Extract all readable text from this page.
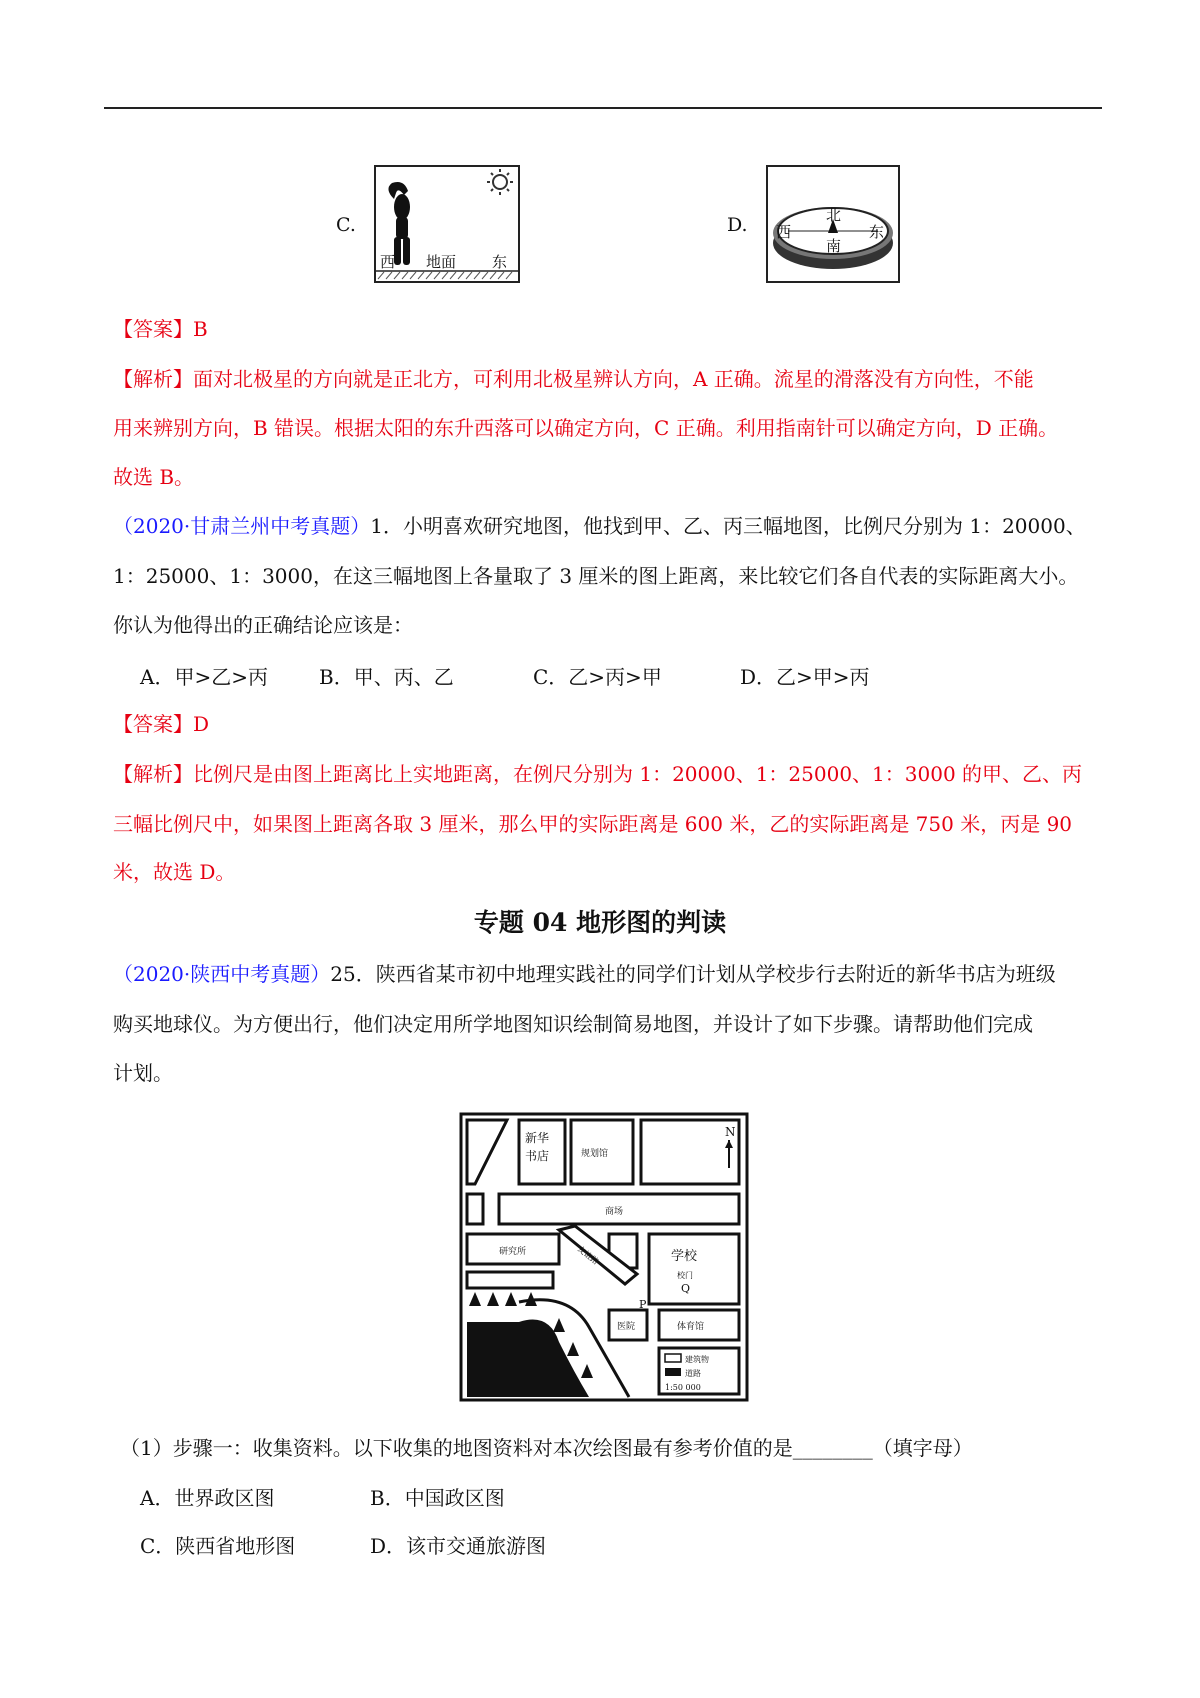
C.
西 地面 东
D.	北
南
西	东
【答案】B
【解析】面对北极星的方向就是正北方，可利用北极星辨认方向，A 正确。流星的滑落没有方向性，不能
用来辨别方向，B 错误。根据太阳的东升西落可以确定方向，C 正确。利用指南针可以确定方向，D 正确。
故选 B。
（2020·甘肃兰州中考真题）1．小明喜欢研究地图，他找到甲、乙、丙三幅地图，比例尺分别为 1：20000、
1：25000、1：3000，在这三幅地图上各量取了 3 厘米的图上距离，来比较它们各自代表的实际距离大小。
你认为他得出的正确结论应该是：
A．甲>乙>丙	B．甲、丙、乙	C．乙>丙>甲	D．乙>甲>丙
【答案】D
【解析】比例尺是由图上距离比上实地距离，在例尺分别为 1：20000、1：25000、1：3000 的甲、乙、丙
三幅比例尺中，如果图上距离各取 3 厘米，那么甲的实际距离是 600 米，乙的实际距离是 750 米，丙是 90
米，故选 D。
专题 04 地形图的判读
（2020·陕西中考真题）25．陕西省某市初中地理实践社的同学们计划从学校步行去附近的新华书店为班级
购买地球仪。为方便出行，他们决定用所学地图知识绘制简易地图，并设计了如下步骤。请帮助他们完成
计划。
新华
书店	规划馆
商场
研究所	友谊路	学校
校门
医院	体育馆
P
Q
N
建筑物
道路
1:50 000
（1）步骤一：收集资料。以下收集的地图资料对本次绘图最有参考价值的是________（填字母）
A．世界政区图	B．中国政区图
C．陕西省地形图	D．该市交通旅游图
